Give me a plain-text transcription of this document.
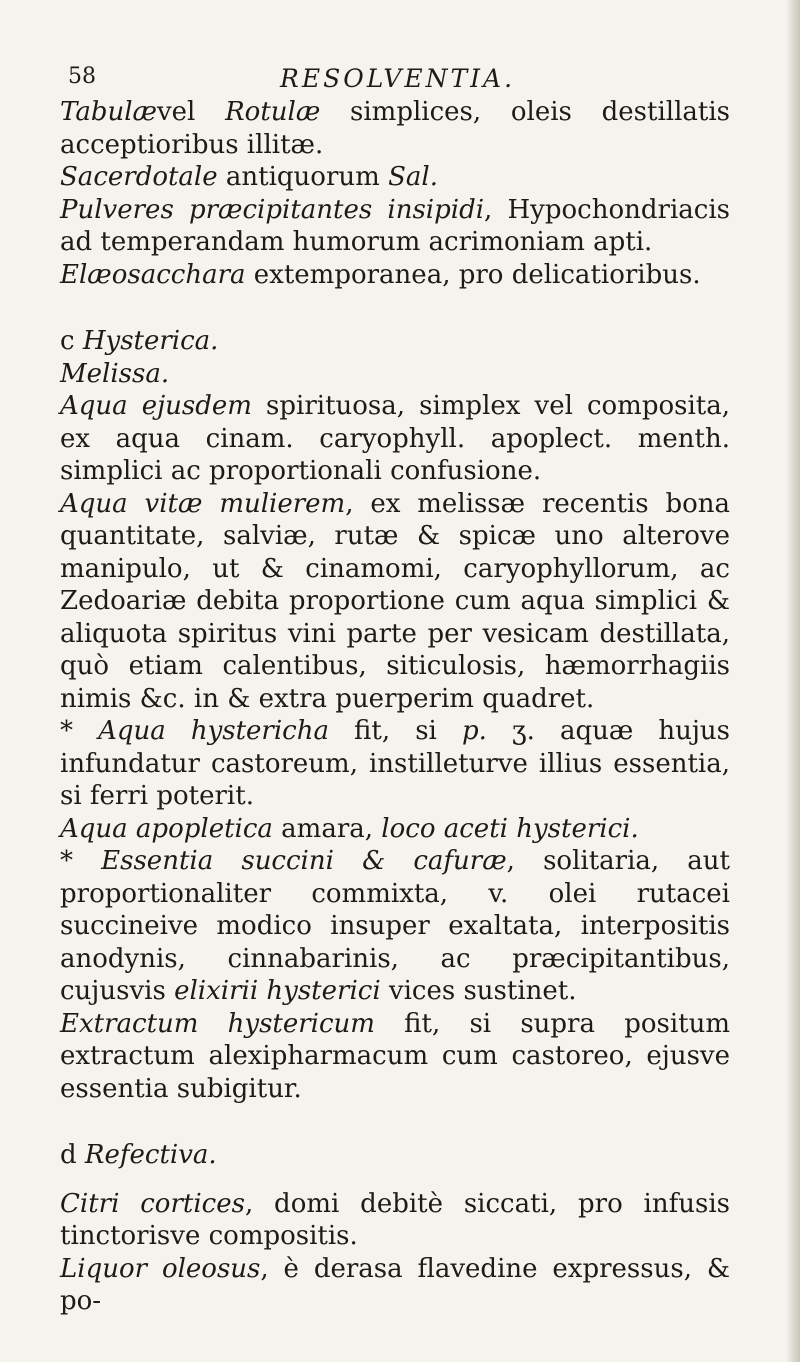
58	RESOLVENTIA.

Tabulævel Rotulæ simplices, oleis destillatis acceptioribus illitæ.

Sacerdotale antiquorum Sal.

Pulveres præcipitantes insipidi, Hypochondriacis ad temperandam humorum acrimoniam apti.

Elæosacchara extemporanea, pro delicatioribus.

c Hysterica.

Melissa.

Aqua ejusdem spirituosa, simplex vel composita, ex aqua cinam. caryophyll. apoplect. menth. simplici ac proportionali confusione.

Aqua vitæ mulierem, ex melissæ recentis bona quantitate, salviæ, rutæ & spicæ uno alterove manipulo, ut & cinamomi, caryophyllorum, ac Zedoariæ debita proportione cum aqua simplici & aliquota spiritus vini parte per vesicam destillata, quò etiam calentibus, siticulosis, hæmorrhagiis nimis &c. in & extra puerperim quadret.

* Aqua hystericha fit, si p. ʒ. aquæ hujus infundatur castoreum, instilleturve illius essentia, si ferri poterit.

Aqua apopletica amara, loco aceti hysterici.

* Essentia succini & cafuræ, solitaria, aut proportionaliter commixta, v. olei rutacei succineive modico insuper exaltata, interpositis anodynis, cinnabarinis, ac præcipitantibus, cujusvis elixirii hysterici vices sustinet.

Extractum hystericum fit, si supra positum extractum alexipharmacum cum castoreo, ejusve essentia subigitur.

d Refectiva.

Citri cortices, domi debitè siccati, pro infusis tinctorisve compositis.

Liquor oleosus, è derasa flavedine expressus, & po-
